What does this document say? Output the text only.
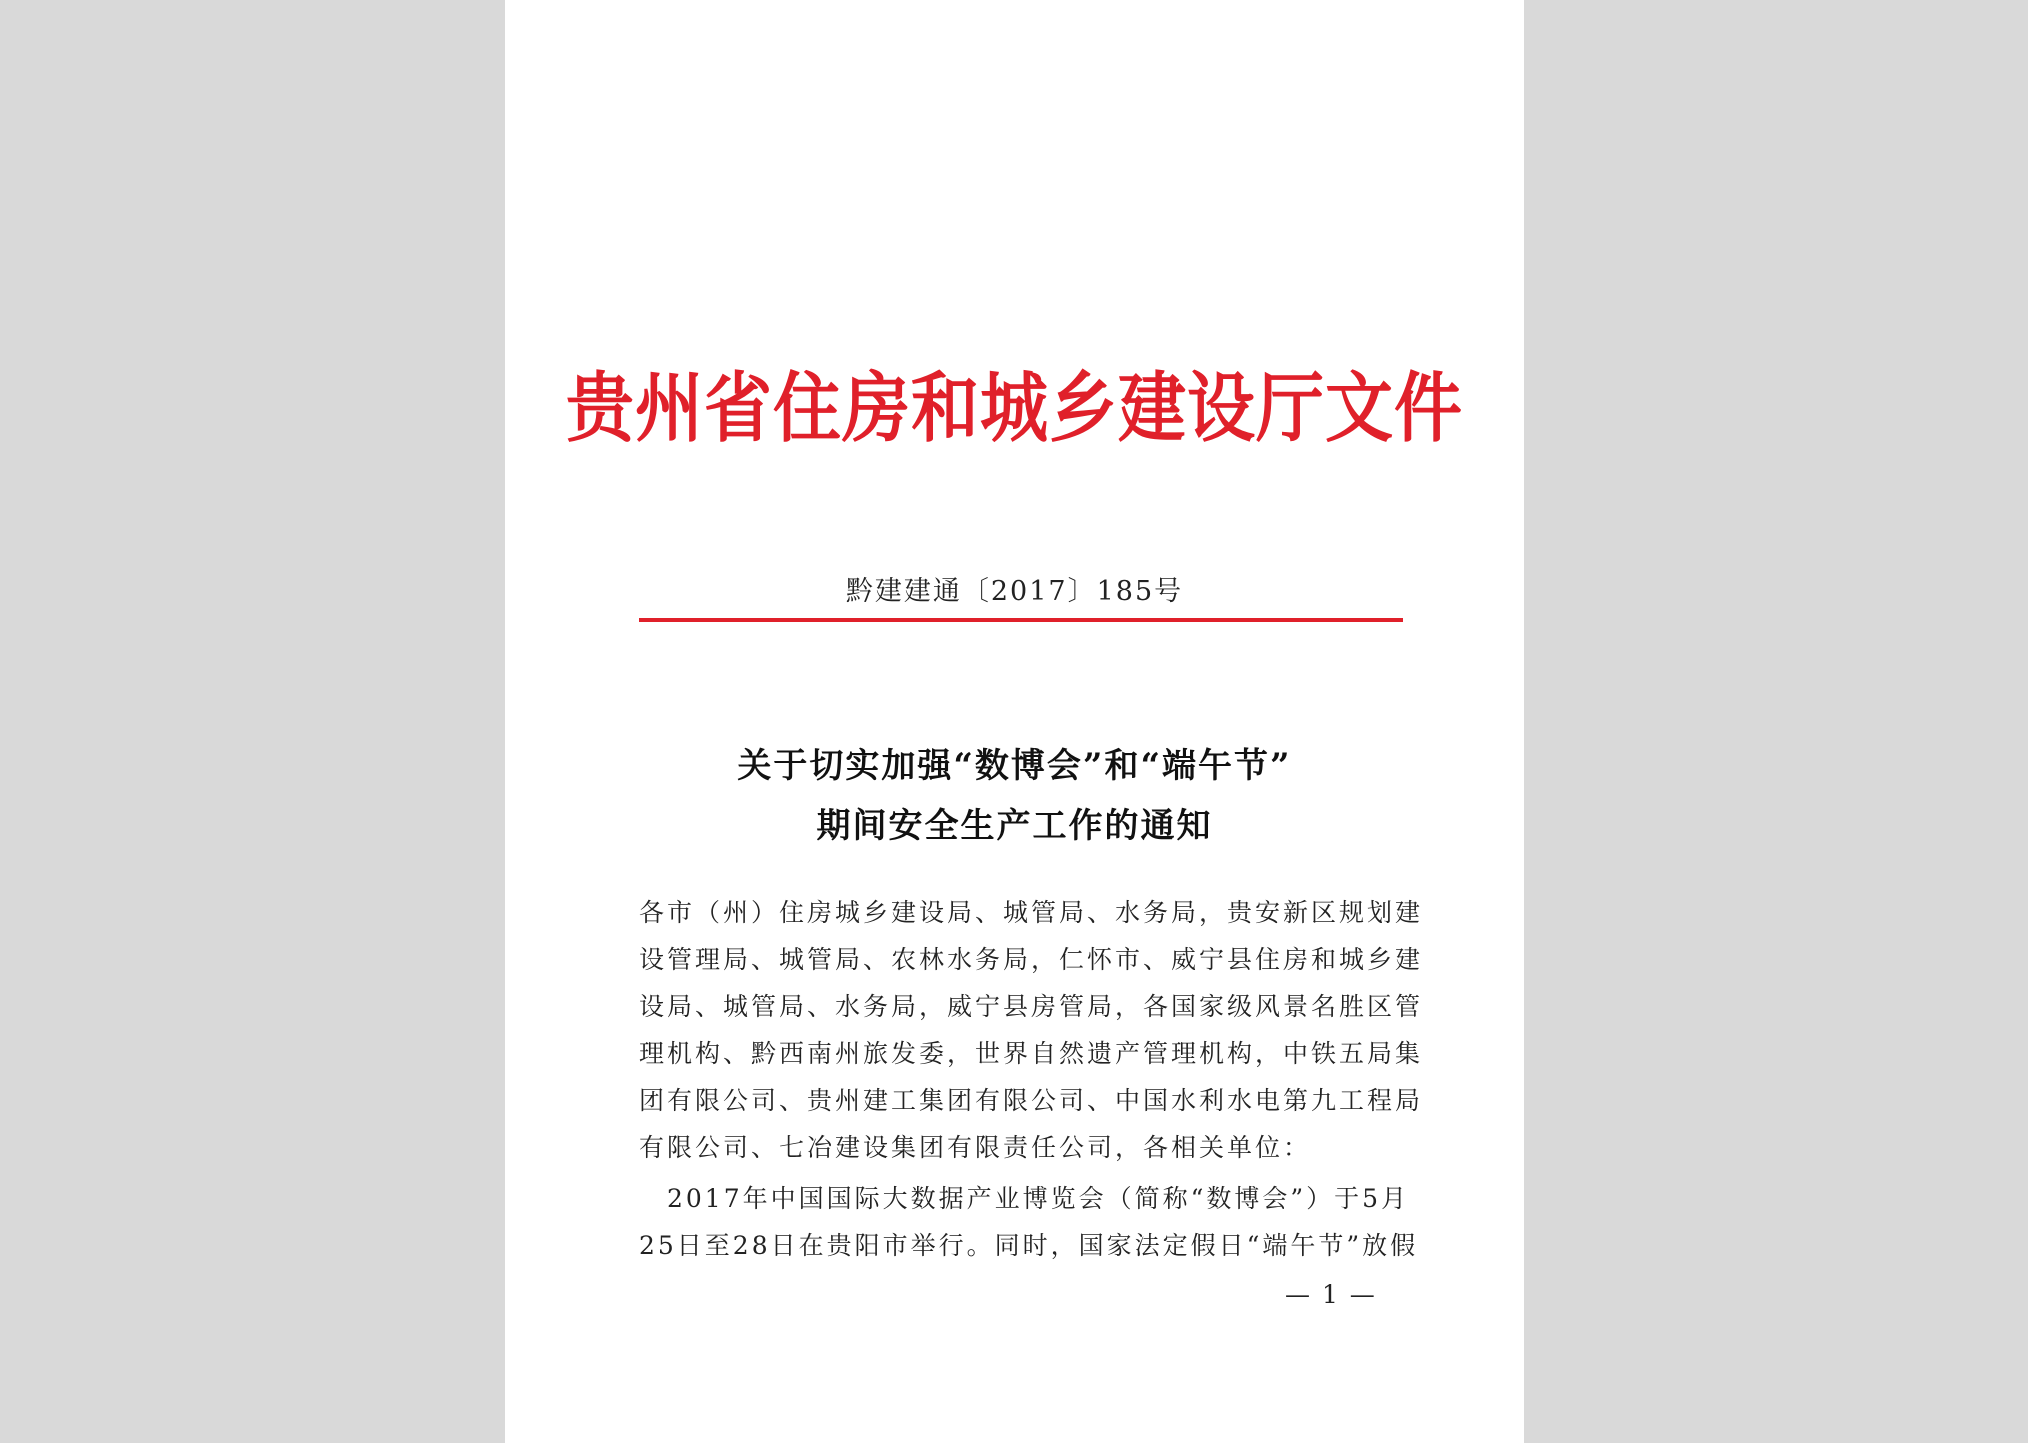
贵州省住房和城乡建设厅文件
黔建建通〔2017〕185号
关于切实加强“数博会”和“端午节”
期间安全生产工作的通知
各市（州）住房城乡建设局、城管局、水务局，贵安新区规划建
设管理局、城管局、农林水务局，仁怀市、威宁县住房和城乡建
设局、城管局、水务局，威宁县房管局，各国家级风景名胜区管
理机构、黔西南州旅发委，世界自然遗产管理机构，中铁五局集
团有限公司、贵州建工集团有限公司、中国水利水电第九工程局
有限公司、七冶建设集团有限责任公司，各相关单位：
　2017年中国国际大数据产业博览会（简称“数博会”）于5月
25日至28日在贵阳市举行。同时，国家法定假日“端午节”放假
— 1 —
